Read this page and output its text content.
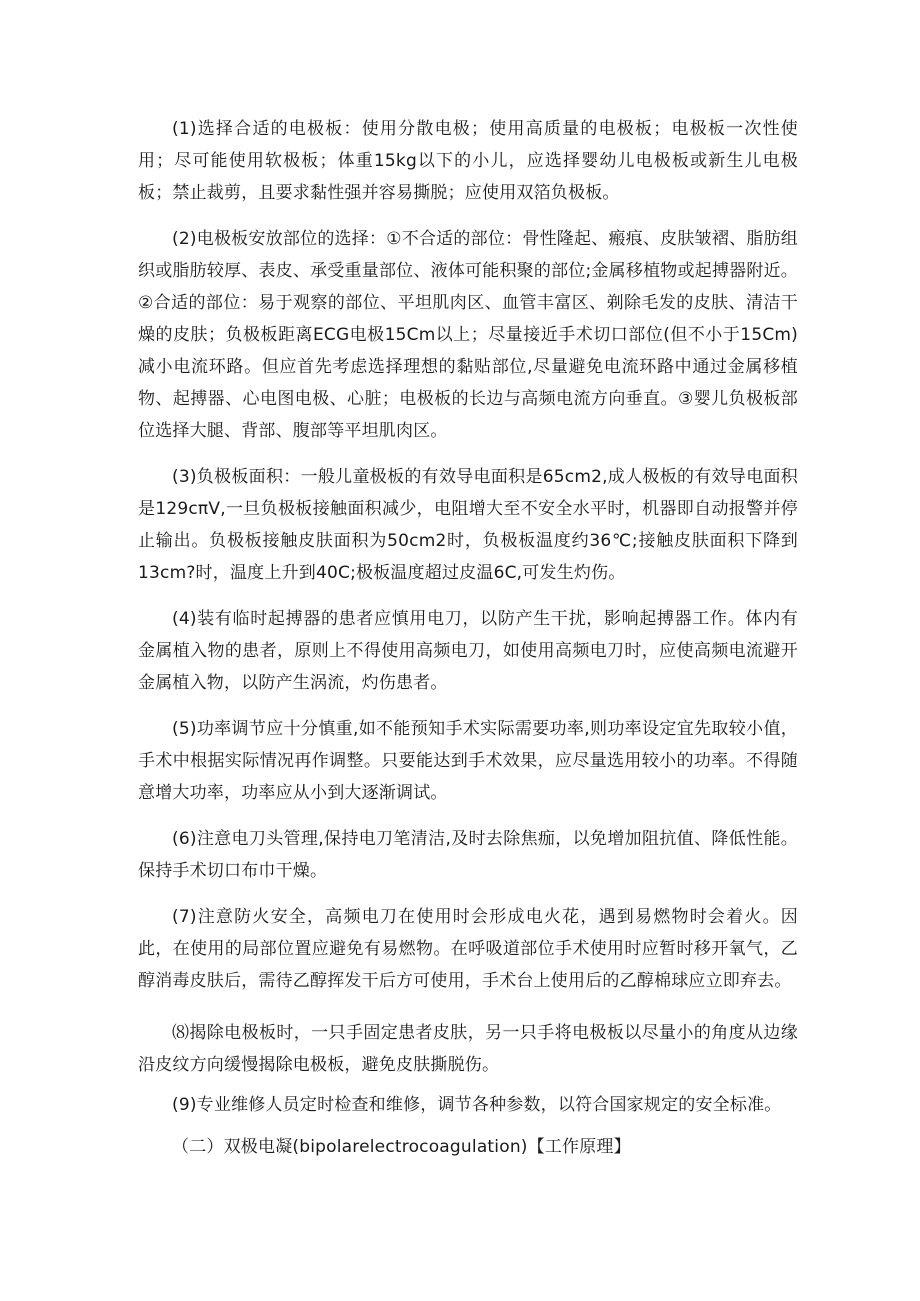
(1)选择合适的电极板：使用分散电极；使用高质量的电极板；电极板一次性使用；尽可能使用软极板；体重15kg以下的小儿，应选择婴幼儿电极板或新生儿电极板；禁止裁剪，且要求黏性强并容易撕脱；应使用双箔负极板。

(2)电极板安放部位的选择：①不合适的部位：骨性隆起、瘢痕、皮肤皱褶、脂肪组织或脂肪较厚、表皮、承受重量部位、液体可能积聚的部位;金属移植物或起搏器附近。②合适的部位：易于观察的部位、平坦肌肉区、血管丰富区、剃除毛发的皮肤、清洁干燥的皮肤；负极板距离ECG电极15Cm以上；尽量接近手术切口部位(但不小于15Cm)减小电流环路。但应首先考虑选择理想的黏贴部位,尽量避免电流环路中通过金属移植物、起搏器、心电图电极、心脏；电极板的长边与高频电流方向垂直。③婴儿负极板部位选择大腿、背部、腹部等平坦肌肉区。

(3)负极板面积：一般儿童极板的有效导电面积是65cm2,成人极板的有效导电面积是129cπV,一旦负极板接触面积减少，电阻增大至不安全水平时，机器即自动报警并停止输出。负极板接触皮肤面积为50cm2时，负极板温度约36℃;接触皮肤面积下降到13cm?时，温度上升到40C;极板温度超过皮温6C,可发生灼伤。

(4)装有临时起搏器的患者应慎用电刀，以防产生干扰，影响起搏器工作。体内有金属植入物的患者，原则上不得使用高频电刀，如使用高频电刀时，应使高频电流避开金属植入物，以防产生涡流，灼伤患者。

(5)功率调节应十分慎重,如不能预知手术实际需要功率,则功率设定宜先取较小值，手术中根据实际情况再作调整。只要能达到手术效果，应尽量选用较小的功率。不得随意增大功率，功率应从小到大逐渐调试。

(6)注意电刀头管理,保持电刀笔清洁,及时去除焦痂，以免增加阻抗值、降低性能。保持手术切口布巾干燥。

(7)注意防火安全，高频电刀在使用时会形成电火花，遇到易燃物时会着火。因此，在使用的局部位置应避免有易燃物。在呼吸道部位手术使用时应暂时移开氧气，乙醇消毒皮肤后，需待乙醇挥发干后方可使用，手术台上使用后的乙醇棉球应立即弃去。

⑻揭除电极板时，一只手固定患者皮肤，另一只手将电极板以尽量小的角度从边缘沿皮纹方向缓慢揭除电极板，避免皮肤撕脱伤。

(9)专业维修人员定时检查和维修，调节各种参数，以符合国家规定的安全标准。

（二）双极电凝(bipolarelectrocoagulation)【工作原理】
